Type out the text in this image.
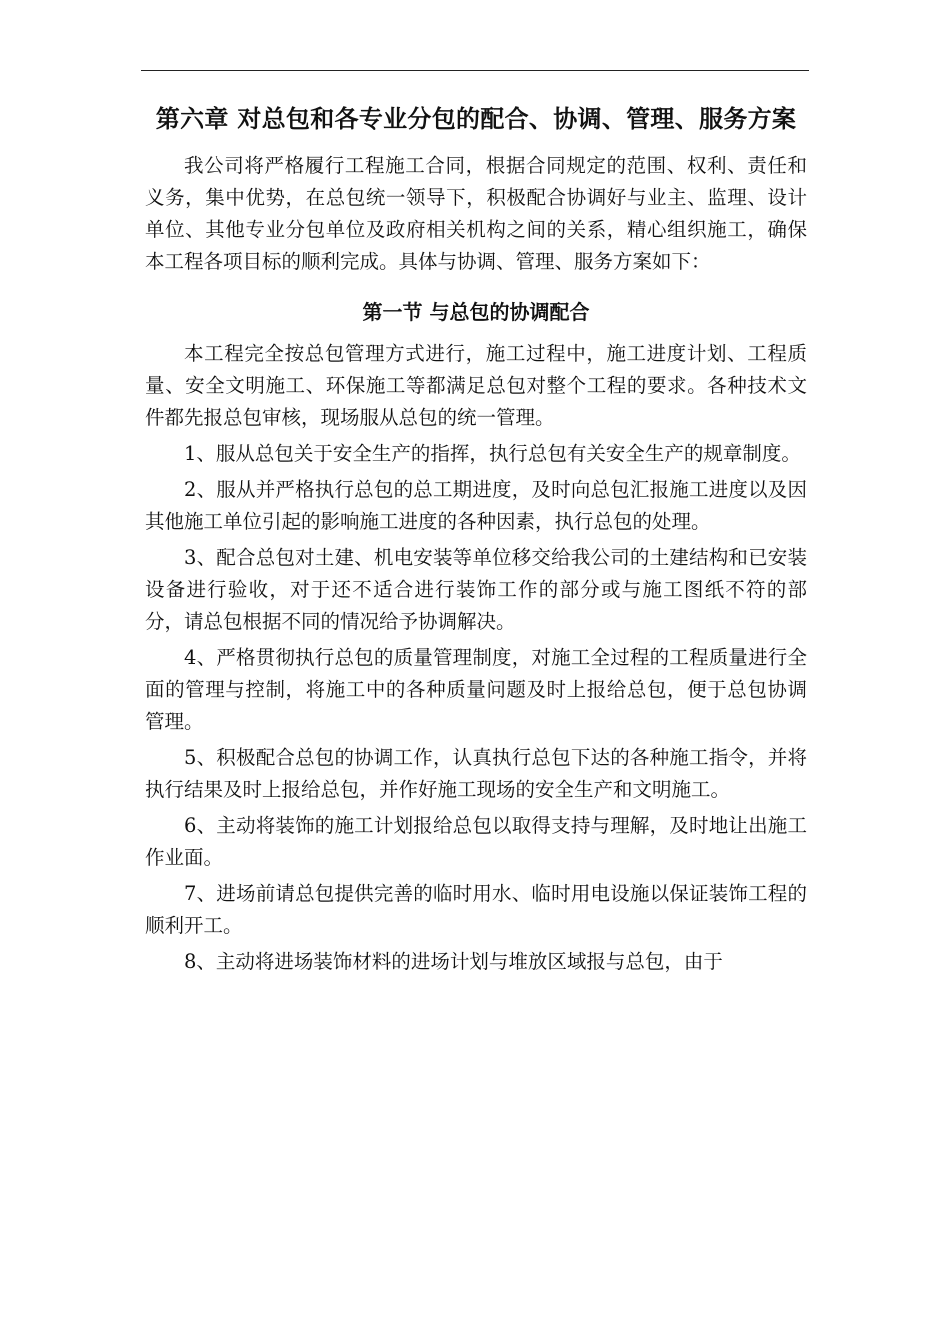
第六章 对总包和各专业分包的配合、协调、管理、服务方案

我公司将严格履行工程施工合同，根据合同规定的范围、权利、责任和义务，集中优势，在总包统一领导下，积极配合协调好与业主、监理、设计单位、其他专业分包单位及政府相关机构之间的关系，精心组织施工，确保本工程各项目标的顺利完成。具体与协调、管理、服务方案如下：

第一节 与总包的协调配合

本工程完全按总包管理方式进行，施工过程中，施工进度计划、工程质量、安全文明施工、环保施工等都满足总包对整个工程的要求。各种技术文件都先报总包审核，现场服从总包的统一管理。

1、服从总包关于安全生产的指挥，执行总包有关安全生产的规章制度。

2、服从并严格执行总包的总工期进度，及时向总包汇报施工进度以及因其他施工单位引起的影响施工进度的各种因素，执行总包的处理。

3、配合总包对土建、机电安装等单位移交给我公司的土建结构和已安装设备进行验收，对于还不适合进行装饰工作的部分或与施工图纸不符的部分，请总包根据不同的情况给予协调解决。

4、严格贯彻执行总包的质量管理制度，对施工全过程的工程质量进行全面的管理与控制，将施工中的各种质量问题及时上报给总包，便于总包协调管理。

5、积极配合总包的协调工作，认真执行总包下达的各种施工指令，并将执行结果及时上报给总包，并作好施工现场的安全生产和文明施工。

6、主动将装饰的施工计划报给总包以取得支持与理解，及时地让出施工作业面。

7、进场前请总包提供完善的临时用水、临时用电设施以保证装饰工程的顺利开工。

8、主动将进场装饰材料的进场计划与堆放区域报与总包，由于
